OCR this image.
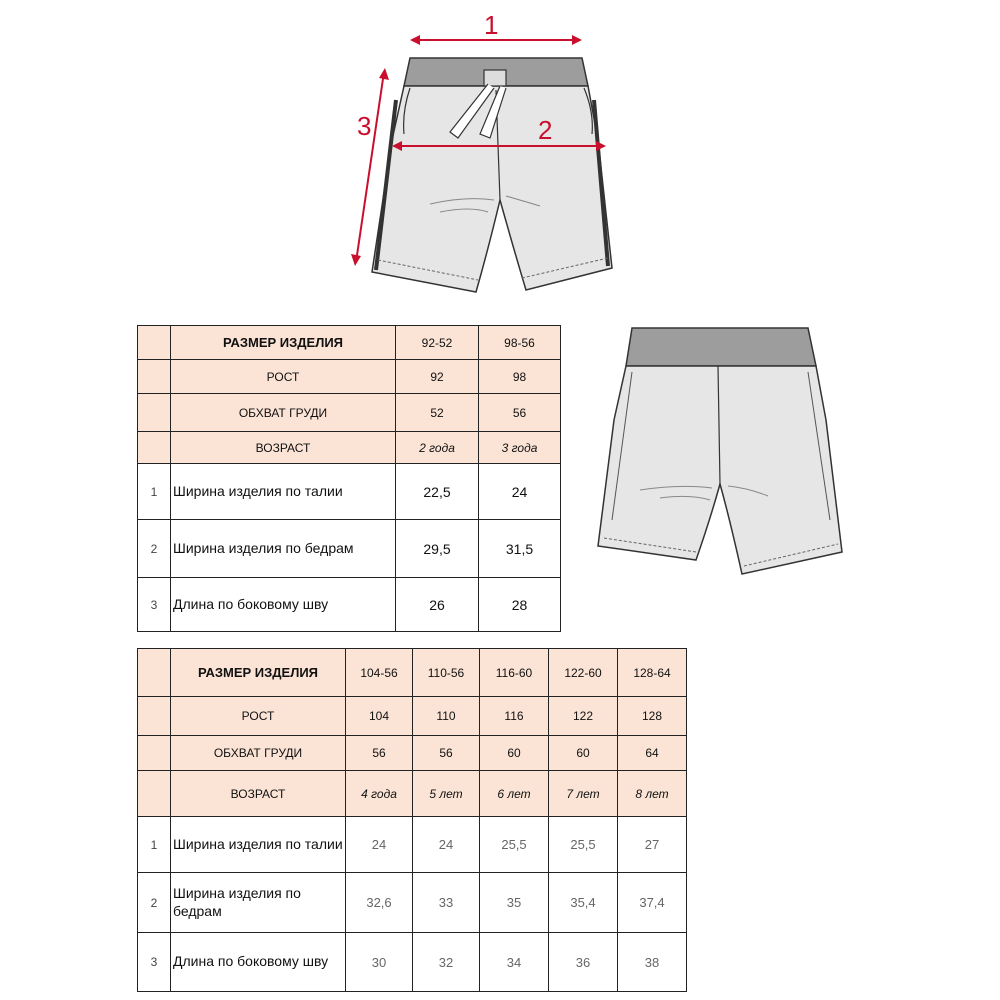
1
2
3
	РАЗМЕР ИЗДЕЛИЯ	92-52	98-56
	РОСТ	92	98
	ОБХВАТ ГРУДИ	52	56
	ВОЗРАСТ	2 года	3 года
1	Ширина изделия по талии	22,5	24
2	Ширина изделия по бедрам	29,5	31,5
3	Длина по боковому шву	26	28
	РАЗМЕР ИЗДЕЛИЯ	104-56	110-56	116-60	122-60	128-64
	РОСТ	104	110	116	122	128
	ОБХВАТ ГРУДИ	56	56	60	60	64
	ВОЗРАСТ	4 года	5 лет	6 лет	7 лет	8 лет
1	Ширина изделия по талии	24	24	25,5	25,5	27
2	Ширина изделия по бедрам	32,6	33	35	35,4	37,4
3	Длина по боковому шву	30	32	34	36	38
